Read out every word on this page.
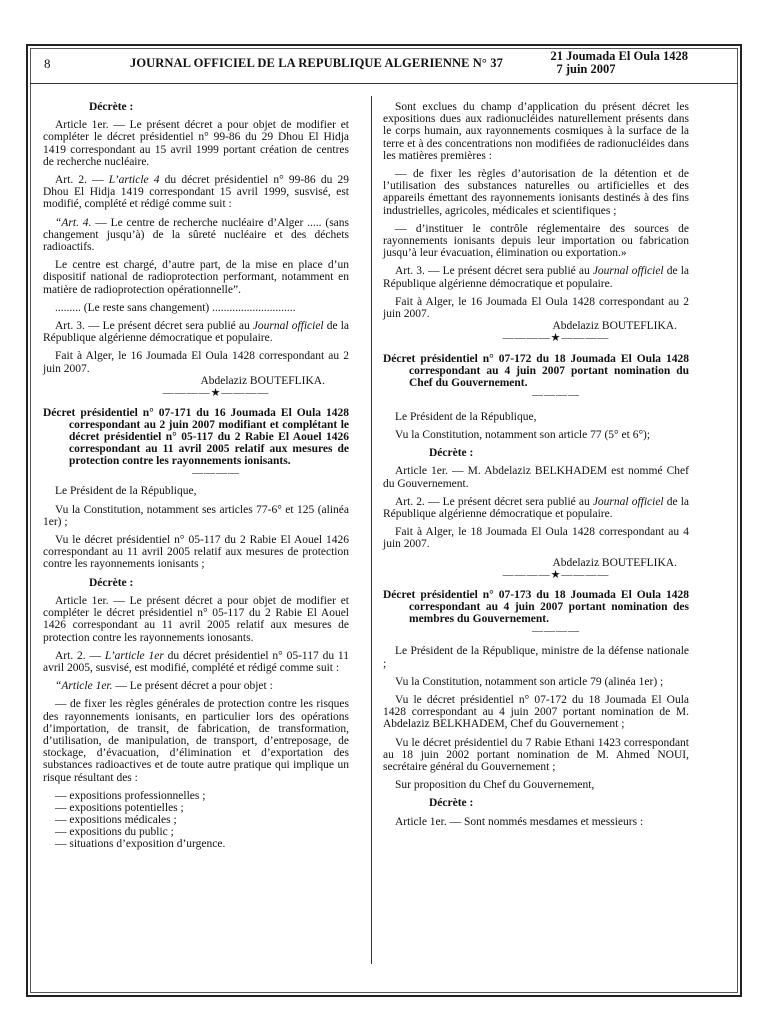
8	JOURNAL OFFICIEL DE LA REPUBLIQUE ALGERIENNE N° 37	21 Joumada El Oula 1428
7 juin 2007

Décrète :

Article 1er. — Le présent décret a pour objet de modifier et compléter le décret présidentiel n° 99-86 du 29 Dhou El Hidja 1419 correspondant au 15 avril 1999 portant création de centres de recherche nucléaire.

Art. 2. — L’article 4 du décret présidentiel n° 99-86 du 29 Dhou El Hidja 1419 correspondant 15 avril 1999, susvisé, est modifié, complété et rédigé comme suit :

“Art. 4. — Le centre de recherche nucléaire d’Alger ..... (sans changement jusqu’à) de la sûreté nucléaire et des déchets radioactifs.

Le centre est chargé, d’autre part, de la mise en place d’un dispositif national de radioprotection performant, notamment en matière de radioprotection opérationnelle”.

......... (Le reste sans changement) .............................

Art. 3. — Le présent décret sera publié au Journal officiel de la République algérienne démocratique et populaire.

Fait à Alger, le 16 Joumada El Oula 1428 correspondant au 2 juin 2007.

Abdelaziz BOUTEFLIKA.

————★————

Décret présidentiel n° 07-171 du 16 Joumada El Oula 1428 correspondant au 2 juin 2007 modifiant et complétant le décret présidentiel n° 05-117 du 2 Rabie El Aouel 1426 correspondant au 11 avril 2005 relatif aux mesures de protection contre les rayonnements ionisants.

————

Le Président de la République,

Vu la Constitution, notamment ses articles 77-6° et 125 (alinéa 1er) ;

Vu le décret présidentiel n° 05-117 du 2 Rabie El Aouel 1426 correspondant au 11 avril 2005 relatif aux mesures de protection contre les rayonnements ionisants ;

Décrète :

Article 1er. — Le présent décret a pour objet de modifier et compléter le décret présidentiel n° 05-117 du 2 Rabie El Aouel 1426 correspondant au 11 avril 2005 relatif aux mesures de protection contre les rayonnements ionosants.

Art. 2. — L’article 1er du décret présidentiel n° 05-117 du 11 avril 2005, susvisé, est modifié, complété et rédigé comme suit :

“Article 1er. — Le présent décret a pour objet :

— de fixer les règles générales de protection contre les risques des rayonnements ionisants, en particulier lors des opérations d’importation, de transit, de fabrication, de transformation, d’utilisation, de manipulation, de transport, d’entreposage, de stockage, d’évacuation, d’élimination et d’exportation des substances radioactives et de toute autre pratique qui implique un risque résultant des :

— expositions professionnelles ;
— expositions potentielles ;
— expositions médicales ;
— expositions du public ;
— situations d’exposition d’urgence.

Sont exclues du champ d’application du présent décret les expositions dues aux radionucléides naturellement présents dans le corps humain, aux rayonnements cosmiques à la surface de la terre et à des concentrations non modifiées de radionucléides dans les matières premières :

— de fixer les règles d’autorisation de la détention et de l’utilisation des substances naturelles ou artificielles et des appareils émettant des rayonnements ionisants destinés à des fins industrielles, agricoles, médicales et scientifiques ;

— d’instituer le contrôle réglementaire des sources de rayonnements ionisants depuis leur importation ou fabrication jusqu’à leur évacuation, élimination ou exportation.»

Art. 3. — Le présent décret sera publié au Journal officiel de la République algérienne démocratique et populaire.

Fait à Alger, le 16 Joumada El Oula 1428 correspondant au 2 juin 2007.

Abdelaziz BOUTEFLIKA.

————★————

Décret présidentiel n° 07-172 du 18 Joumada El Oula 1428 correspondant au 4 juin 2007 portant nomination du Chef du Gouvernement.

————

Le Président de la République,

Vu la Constitution, notamment son article 77 (5° et 6°);

Décrète :

Article 1er. — M. Abdelaziz BELKHADEM est nommé Chef du Gouvernement.

Art. 2. — Le présent décret sera publié au Journal officiel de la République algérienne démocratique et populaire.

Fait à Alger, le 18 Joumada El Oula 1428 correspondant au 4 juin 2007.

Abdelaziz BOUTEFLIKA.

————★————

Décret présidentiel n° 07-173 du 18 Joumada El Oula 1428 correspondant au 4 juin 2007 portant nomination des membres du Gouvernement.

————

Le Président de la République, ministre de la défense nationale ;

Vu la Constitution, notamment son article 79 (alinéa 1er) ;

Vu le décret présidentiel n° 07-172 du 18 Joumada El Oula 1428 correspondant au 4 juin 2007 portant nomination de M. Abdelaziz BELKHADEM, Chef du Gouvernement ;

Vu le décret présidentiel du 7 Rabie Ethani 1423 correspondant au 18 juin 2002 portant nomination de M. Ahmed NOUI, secrétaire général du Gouvernement ;

Sur proposition du Chef du Gouvernement,

Décrète :

Article 1er. — Sont nommés mesdames et messieurs :
